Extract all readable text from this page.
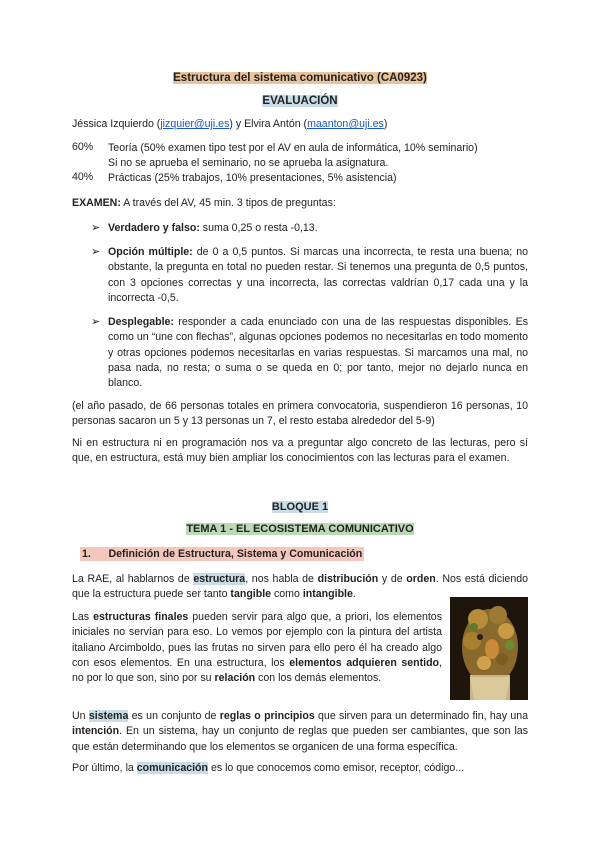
Estructura del sistema comunicativo (CA0923)
EVALUACIÓN
Jéssica Izquierdo (jizquier@uji.es) y Elvira Antón (maanton@uji.es)
60% Teoría (50% examen tipo test por el AV en aula de informática, 10% seminario)
Si no se aprueba el seminario, no se aprueba la asignatura.
40% Prácticas (25% trabajos, 10% presentaciones, 5% asistencia)
EXAMEN: A través del AV, 45 min. 3 tipos de preguntas:
➢ Verdadero y falso: suma 0,25 o resta -0,13.
➢ Opción múltiple: de 0 a 0,5 puntos. Si marcas una incorrecta, te resta una buena; no obstante, la pregunta en total no pueden restar. Si tenemos una pregunta de 0,5 puntos, con 3 opciones correctas y una incorrecta, las correctas valdrían 0,17 cada una y la incorrecta -0,5.
➢ Desplegable: responder a cada enunciado con una de las respuestas disponibles. Es como un “une con flechas”, algunas opciones podemos no necesitarlas en todo momento y otras opciones podemos necesitarlas en varias respuestas. Si marcamos una mal, no pasa nada, no resta; o suma o se queda en 0; por tanto, mejor no dejarlo nunca en blanco.
(el año pasado, de 66 personas totales en primera convocatoria, suspendieron 16 personas, 10 personas sacaron un 5 y 13 personas un 7, el resto estaba alrededor del 5-9)
Ni en estructura ni en programación nos va a preguntar algo concreto de las lecturas, pero sí que, en estructura, está muy bien ampliar los conocimientos con las lecturas para el examen.
BLOQUE 1
TEMA 1 - EL ECOSISTEMA COMUNICATIVO
1.      Definición de Estructura, Sistema y Comunicación
La RAE, al hablarnos de estructura, nos habla de distribución y de orden. Nos está diciendo que la estructura puede ser tanto tangible como intangible.
Las estructuras finales pueden servir para algo que, a priori, los elementos iniciales no servían para eso. Lo vemos por ejemplo con la pintura del artista italiano Arcimboldo, pues las frutas no sirven para ello pero él ha creado algo con esos elementos. En una estructura, los elementos adquieren sentido, no por lo que son, sino por su relación con los demás elementos.
Un sistema es un conjunto de reglas o principios que sirven para un determinado fin, hay una intención. En un sistema, hay un conjunto de reglas que pueden ser cambiantes, que son las que están determinando que los elementos se organicen de una forma específica.
Por último, la comunicación es lo que conocemos como emisor, receptor, código...
